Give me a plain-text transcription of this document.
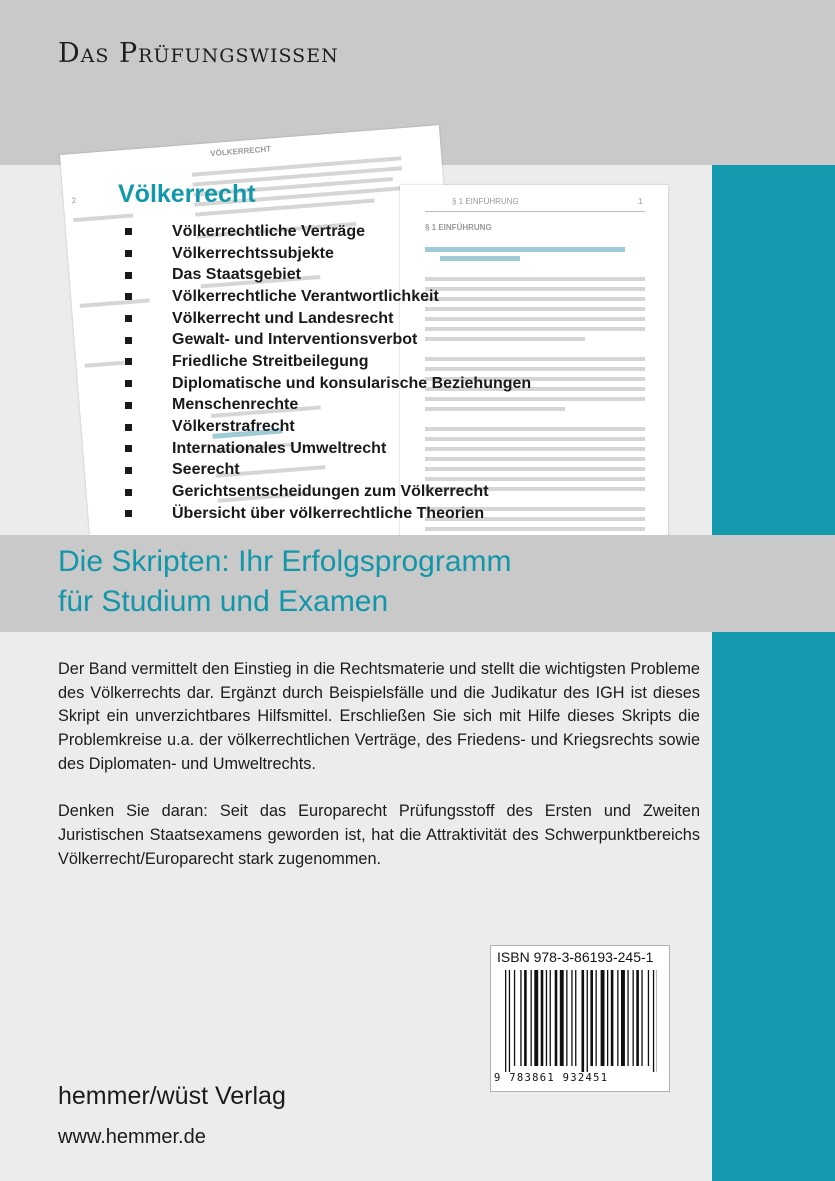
Das Prüfungswissen
2
VÖLKERRECHT
§ 1 EINFÜHRUNG	1
§ 1 EINFÜHRUNG
Völkerrecht
Völkerrechtliche Verträge
Völkerrechtssubjekte
Das Staatsgebiet
Völkerrechtliche Verantwortlichkeit
Völkerrecht und Landesrecht
Gewalt- und Interventionsverbot
Friedliche Streitbeilegung
Diplomatische und konsularische Beziehungen
Menschenrechte
Völkerstrafrecht
Internationales Umweltrecht
Seerecht
Gerichtsentscheidungen zum Völkerrecht
Übersicht über völkerrechtliche Theorien
Die Skripten: Ihr Erfolgsprogramm
für Studium und Examen

Der Band vermittelt den Einstieg in die Rechtsmaterie und stellt die wichtigsten Probleme des Völkerrechts dar. Ergänzt durch Beispielsfälle und die Judikatur des IGH ist dieses Skript ein unverzichtbares Hilfsmittel. Erschließen Sie sich mit Hilfe dieses Skripts die Problemkreise u.a. der völkerrechtlichen Verträge, des Friedens- und Kriegsrechts sowie des Diplomaten- und Umweltrechts.

Denken Sie daran: Seit das Europarecht Prüfungsstoff des Ersten und Zweiten Juristischen Staatsexamens geworden ist, hat die Attraktivität des Schwerpunktbereichs Völkerrecht/Europarecht stark zugenommen.

ISBN 978-3-86193-245-1
9 783861 932451

hemmer/wüst Verlag

www.hemmer.de
